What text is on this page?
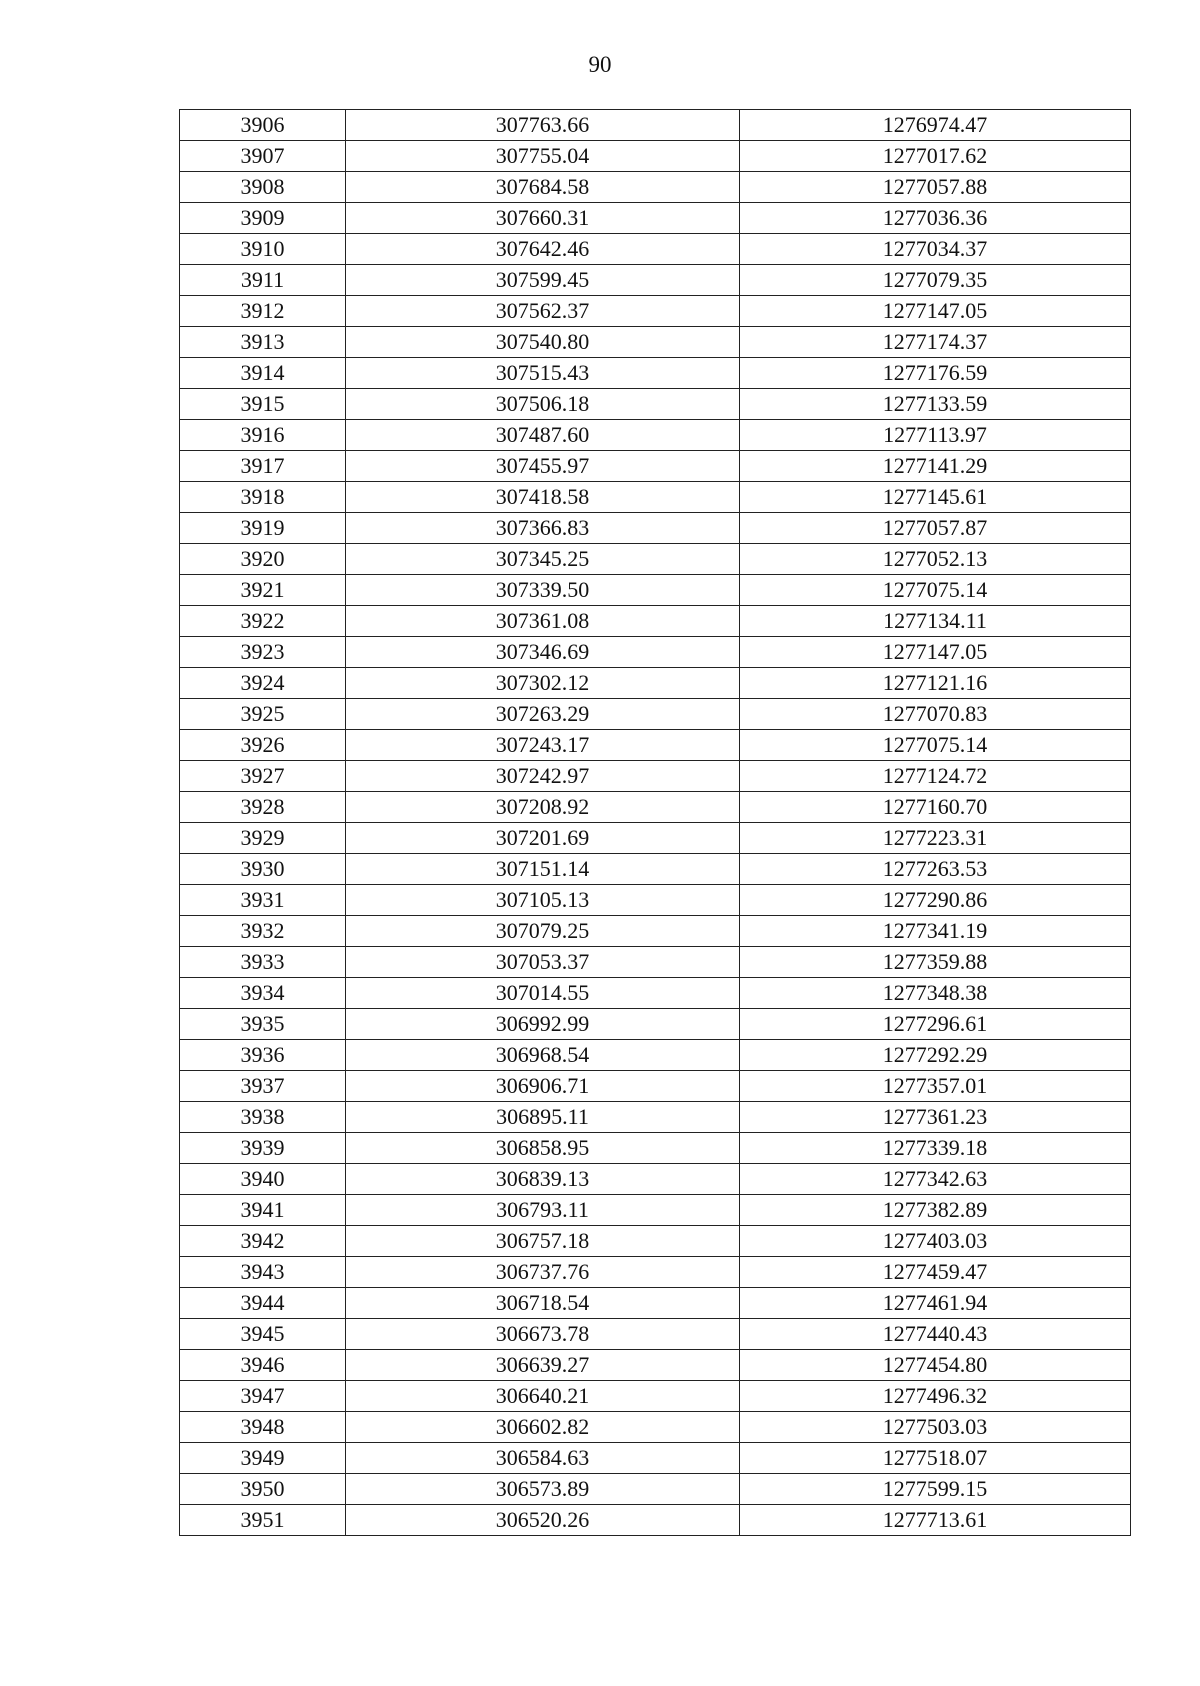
90
3906	307763.66	1276974.47
3907	307755.04	1277017.62
3908	307684.58	1277057.88
3909	307660.31	1277036.36
3910	307642.46	1277034.37
3911	307599.45	1277079.35
3912	307562.37	1277147.05
3913	307540.80	1277174.37
3914	307515.43	1277176.59
3915	307506.18	1277133.59
3916	307487.60	1277113.97
3917	307455.97	1277141.29
3918	307418.58	1277145.61
3919	307366.83	1277057.87
3920	307345.25	1277052.13
3921	307339.50	1277075.14
3922	307361.08	1277134.11
3923	307346.69	1277147.05
3924	307302.12	1277121.16
3925	307263.29	1277070.83
3926	307243.17	1277075.14
3927	307242.97	1277124.72
3928	307208.92	1277160.70
3929	307201.69	1277223.31
3930	307151.14	1277263.53
3931	307105.13	1277290.86
3932	307079.25	1277341.19
3933	307053.37	1277359.88
3934	307014.55	1277348.38
3935	306992.99	1277296.61
3936	306968.54	1277292.29
3937	306906.71	1277357.01
3938	306895.11	1277361.23
3939	306858.95	1277339.18
3940	306839.13	1277342.63
3941	306793.11	1277382.89
3942	306757.18	1277403.03
3943	306737.76	1277459.47
3944	306718.54	1277461.94
3945	306673.78	1277440.43
3946	306639.27	1277454.80
3947	306640.21	1277496.32
3948	306602.82	1277503.03
3949	306584.63	1277518.07
3950	306573.89	1277599.15
3951	306520.26	1277713.61
